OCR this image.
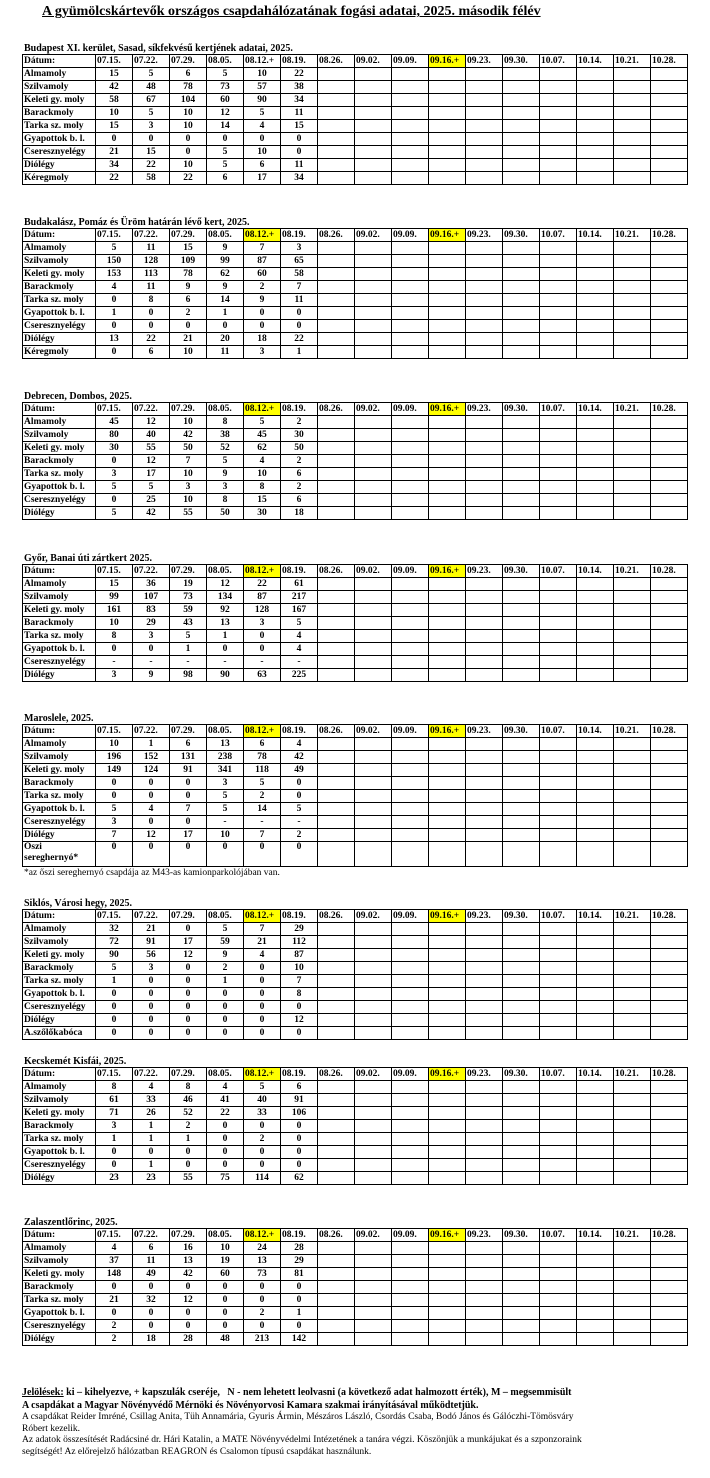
A gyümölcskártevők országos csapdahálózatának fogási adatai, 2025. második félév
Budapest XI. kerület, Sasad, síkfekvésű kertjének adatai, 2025.
Dátum:	07.15.	07.22.	07.29.	08.05.	08.12.+	08.19.	08.26.	09.02.	09.09.	09.16.+	09.23.	09.30.	10.07.	10.14.	10.21.	10.28.
Almamoly	15	5	6	5	10	22										
Szilvamoly	42	48	78	73	57	38										
Keleti gy. moly	58	67	104	60	90	34										
Barackmoly	10	5	10	12	5	11										
Tarka sz. moly	15	3	10	14	4	15										
Gyapottok b. l.	0	0	0	0	0	0										
Cseresznyelégy	21	15	0	5	10	0										
Diólégy	34	22	10	5	6	11										
Kéregmoly	22	58	22	6	17	34										
Budakalász, Pomáz és Üröm határán lévő kert, 2025.
Dátum:	07.15.	07.22.	07.29.	08.05.	08.12.+	08.19.	08.26.	09.02.	09.09.	09.16.+	09.23.	09.30.	10.07.	10.14.	10.21.	10.28.
Almamoly	5	11	15	9	7	3										
Szilvamoly	150	128	109	99	87	65										
Keleti gy. moly	153	113	78	62	60	58										
Barackmoly	4	11	9	9	2	7										
Tarka sz. moly	0	8	6	14	9	11										
Gyapottok b. l.	1	0	2	1	0	0										
Cseresznyelégy	0	0	0	0	0	0										
Diólégy	13	22	21	20	18	22										
Kéregmoly	0	6	10	11	3	1										
Debrecen, Dombos, 2025.
Dátum:	07.15.	07.22.	07.29.	08.05.	08.12.+	08.19.	08.26.	09.02.	09.09.	09.16.+	09.23.	09.30.	10.07.	10.14.	10.21.	10.28.
Almamoly	45	12	10	8	5	2										
Szilvamoly	80	40	42	38	45	30										
Keleti gy. moly	30	55	50	52	62	50										
Barackmoly	0	12	7	5	4	2										
Tarka sz. moly	3	17	10	9	10	6										
Gyapottok b. l.	5	5	3	3	8	2										
Cseresznyelégy	0	25	10	8	15	6										
Diólégy	5	42	55	50	30	18										
Győr, Banai úti zártkert 2025.
Dátum:	07.15.	07.22.	07.29.	08.05.	08.12.+	08.19.	08.26.	09.02.	09.09.	09.16.+	09.23.	09.30.	10.07.	10.14.	10.21.	10.28.
Almamoly	15	36	19	12	22	61										
Szilvamoly	99	107	73	134	87	217										
Keleti gy. moly	161	83	59	92	128	167										
Barackmoly	10	29	43	13	3	5										
Tarka sz. moly	8	3	5	1	0	4										
Gyapottok b. l.	0	0	1	0	0	4										
Cseresznyelégy	-	-	-	-	-	-										
Diólégy	3	9	98	90	63	225										
Maroslele, 2025.
Dátum:	07.15.	07.22.	07.29.	08.05.	08.12.+	08.19.	08.26.	09.02.	09.09.	09.16.+	09.23.	09.30.	10.07.	10.14.	10.21.	10.28.
Almamoly	10	1	6	13	6	4										
Szilvamoly	196	152	131	238	78	42										
Keleti gy. moly	149	124	91	341	118	49										
Barackmoly	0	0	0	3	5	0										
Tarka sz. moly	0	0	0	5	2	0										
Gyapottok b. l.	5	4	7	5	14	5										
Cseresznyelégy	3	0	0	-	-	-										
Diólégy	7	12	17	10	7	2										
Őszi sereghernyó*	0	0	0	0	0	0										
*az őszi sereghernyó csapdája az M43-as kamionparkolójában van.
Siklós, Városi hegy, 2025.
Dátum:	07.15.	07.22.	07.29.	08.05.	08.12.+	08.19.	08.26.	09.02.	09.09.	09.16.+	09.23.	09.30.	10.07.	10.14.	10.21.	10.28.
Almamoly	32	21	0	5	7	29										
Szilvamoly	72	91	17	59	21	112										
Keleti gy. moly	90	56	12	9	4	87										
Barackmoly	5	3	0	2	0	10										
Tarka sz. moly	1	0	0	1	0	7										
Gyapottok b. l.	0	0	0	0	0	8										
Cseresznyelégy	0	0	0	0	0	0										
Diólégy	0	0	0	0	0	12										
A.szőlőkabóca	0	0	0	0	0	0										
Kecskemét Kisfái, 2025.
Dátum:	07.15.	07.22.	07.29.	08.05.	08.12.+	08.19.	08.26.	09.02.	09.09.	09.16.+	09.23.	09.30.	10.07.	10.14.	10.21.	10.28.
Almamoly	8	4	8	4	5	6										
Szilvamoly	61	33	46	41	40	91										
Keleti gy. moly	71	26	52	22	33	106										
Barackmoly	3	1	2	0	0	0										
Tarka sz. moly	1	1	1	0	2	0										
Gyapottok b. l.	0	0	0	0	0	0										
Cseresznyelégy	0	1	0	0	0	0										
Diólégy	23	23	55	75	114	62										
Zalaszentlőrinc, 2025.
Dátum:	07.15.	07.22.	07.29.	08.05.	08.12.+	08.19.	08.26.	09.02.	09.09.	09.16.+	09.23.	09.30.	10.07.	10.14.	10.21.	10.28.
Almamoly	4	6	16	10	24	28										
Szilvamoly	37	11	13	19	13	29										
Keleti gy. moly	148	49	42	60	73	81										
Barackmoly	0	0	0	0	0	0										
Tarka sz. moly	21	32	12	0	0	0										
Gyapottok b. l.	0	0	0	0	2	1										
Cseresznyelégy	2	0	0	0	0	0										
Diólégy	2	18	28	48	213	142										
Jelölések: ki – kihelyezve, + kapszulák cseréje,   N - nem lehetett leolvasni (a következő adat halmozott érték), M – megsemmisült
A csapdákat a Magyar Növényvédő Mérnöki és Növényorvosi Kamara szakmai irányításával működtetjük.
A csapdákat Reider Imréné, Csillag Anita, Tüh Annamária, Gyuris Ármin, Mészáros László, Csordás Csaba, Bodó János és Gálóczhi-Tömösváry Róbert kezelik.
Az adatok összesítését Radácsiné dr. Hári Katalin, a MATE Növényvédelmi Intézetének a tanára végzi. Köszönjük a munkájukat és a szponzoraink segítségét! Az előrejelző hálózatban REAGRON és Csalomon típusú csapdákat használunk.
